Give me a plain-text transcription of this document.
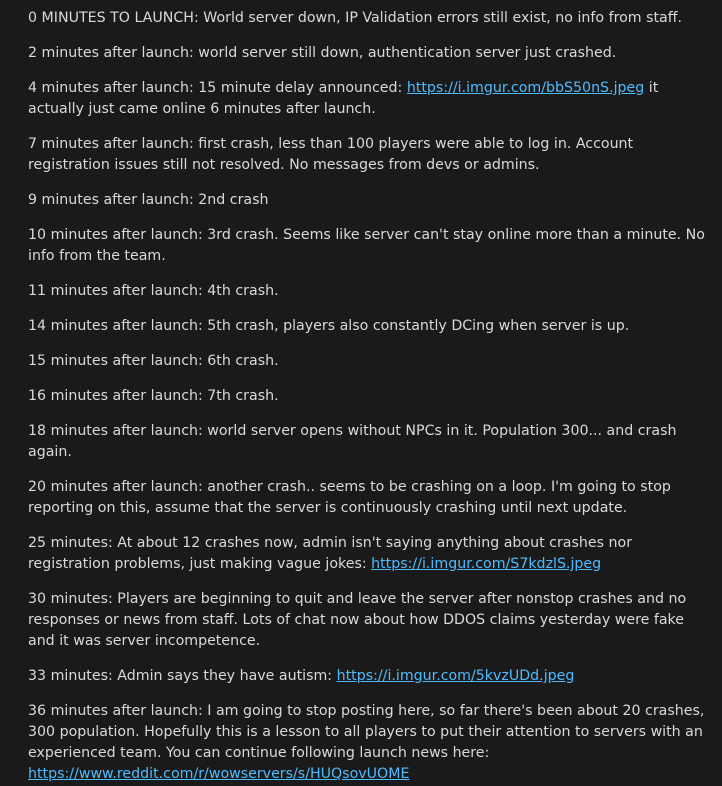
0 MINUTES TO LAUNCH: World server down, IP Validation errors still exist, no info from staff.

2 minutes after launch: world server still down, authentication server just crashed.

4 minutes after launch: 15 minute delay announced: https://i.imgur.com/bbS50nS.jpeg it actually just came online 6 minutes after launch.

7 minutes after launch: first crash, less than 100 players were able to log in. Account registration issues still not resolved. No messages from devs or admins.

9 minutes after launch: 2nd crash

10 minutes after launch: 3rd crash. Seems like server can't stay online more than a minute. No info from the team.

11 minutes after launch: 4th crash.

14 minutes after launch: 5th crash, players also constantly DCing when server is up.

15 minutes after launch: 6th crash.

16 minutes after launch: 7th crash.

18 minutes after launch: world server opens without NPCs in it. Population 300... and crash again.

20 minutes after launch: another crash.. seems to be crashing on a loop. I'm going to stop reporting on this, assume that the server is continuously crashing until next update.

25 minutes: At about 12 crashes now, admin isn't saying anything about crashes nor registration problems, just making vague jokes: https://i.imgur.com/S7kdzlS.jpeg

30 minutes: Players are beginning to quit and leave the server after nonstop crashes and no responses or news from staff. Lots of chat now about how DDOS claims yesterday were fake and it was server incompetence.

33 minutes: Admin says they have autism: https://i.imgur.com/5kvzUDd.jpeg

36 minutes after launch: I am going to stop posting here, so far there's been about 20 crashes, 300 population. Hopefully this is a lesson to all players to put their attention to servers with an experienced team. You can continue following launch news here: https://www.reddit.com/r/wowservers/s/HUQsovUOME
